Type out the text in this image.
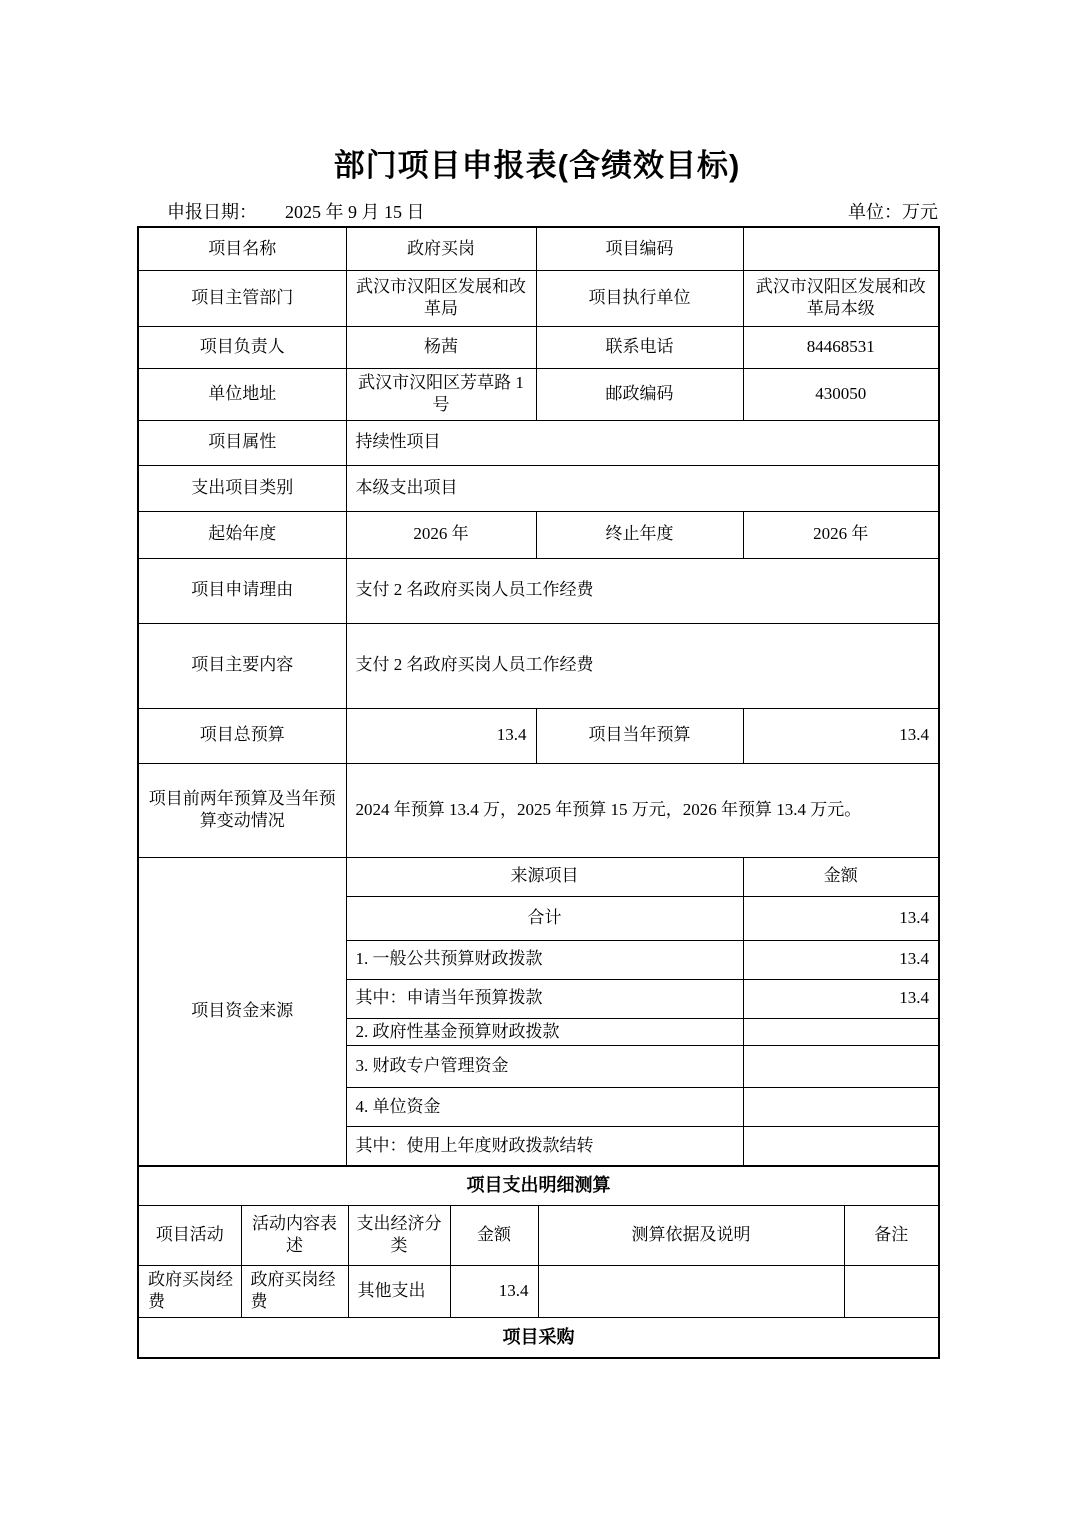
部门项目申报表(含绩效目标)
申报日期： 2025 年 9 月 15 日	单位：万元
项目名称		政府买岗			项目编码			
项目主管部门		武汉市汉阳区发展和改革局			项目执行单位		武汉市汉阳区发展和改革局本级	
项目负责人		杨茜			联系电话		84468531	
单位地址		武汉市汉阳区芳草路 1 号			邮政编码		430050	
项目属性		持续性项目						
支出项目类别		本级支出项目						
起始年度		2026 年			终止年度		2026 年	
项目申请理由		支付 2 名政府买岗人员工作经费						
项目主要内容		支付 2 名政府买岗人员工作经费						
项目总预算		13.4			项目当年预算		13.4	
项目前两年预算及当年预算变动情况		2024 年预算 13.4 万，2025 年预算 15 万元，2026 年预算 13.4 万元。						
项目资金来源		来源项目					金额	
		合计					13.4	
		1. 一般公共预算财政拨款					13.4	
		其中：申请当年预算拨款					13.4	
		2. 政府性基金预算财政拨款						
		3. 财政专户管理资金						
		4. 单位资金						
		其中：使用上年度财政拨款结转						
项目支出明细测算								
项目活动	活动内容表述		支出经济分类	金额		测算依据及说明		备注
政府买岗经费	政府买岗经费		其他支出	13.4				
项目采购								
